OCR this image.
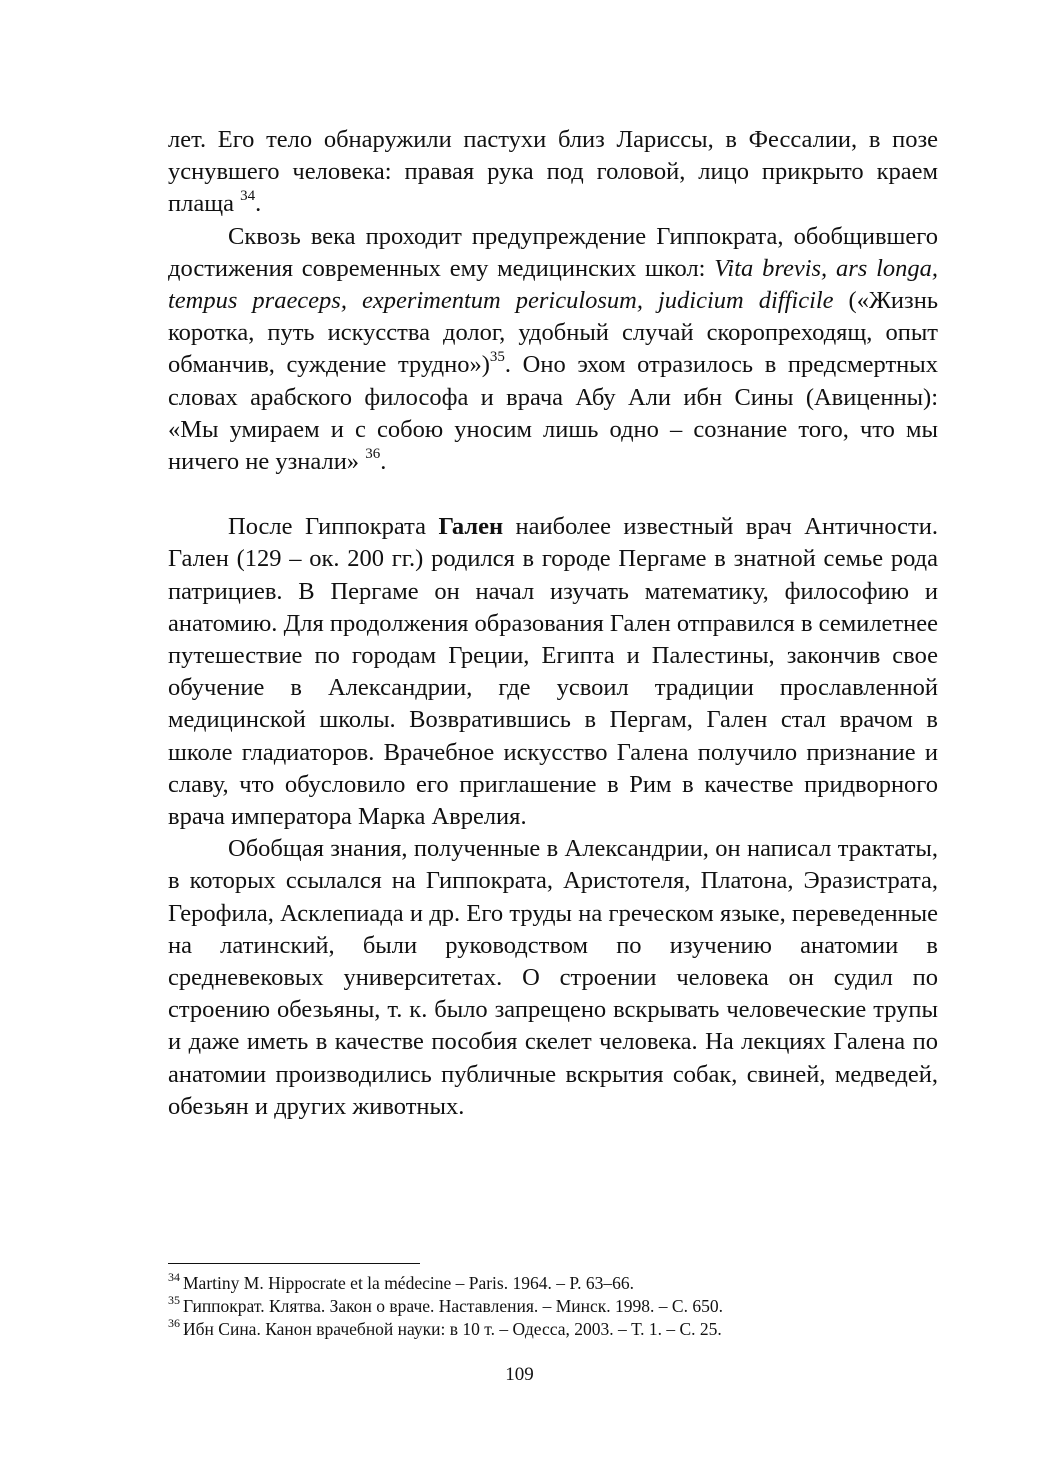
лет. Его тело обнаружили пастухи близ Лариссы, в Фессалии, в позе уснувшего человека: правая рука под головой, лицо прикрыто краем плаща $^{34}$.

Сквозь века проходит предупреждение Гиппократа, обобщившего достижения современных ему медицинских школ: Vita brevis, ars longa, tempus praeceps, experimentum periculosum, judicium difficile («Жизнь коротка, путь искусства долог, удобный случай скоропреходящ, опыт обманчив, суждение трудно»)$^{35}$. Оно эхом отразилось в предсмертных словах арабского философа и врача Абу Али ибн Сины (Авиценны): «Мы умираем и с собою уносим лишь одно – сознание того, что мы ничего не узнали» $^{36}$.

После Гиппократа Гален наиболее известный врач Античности. Гален (129 – ок. 200 гг.) родился в городе Пергаме в знатной семье рода патрициев. В Пергаме он начал изучать математику, философию и анатомию. Для продолжения образования Гален отправился в семилетнее путешествие по городам Греции, Египта и Палестины, закончив свое обучение в Александрии, где усвоил традиции прославленной медицинской школы. Возвратившись в Пергам, Гален стал врачом в школе гладиаторов. Врачебное искусство Галена получило признание и славу, что обусловило его приглашение в Рим в качестве придворного врача императора Марка Аврелия.

Обобщая знания, полученные в Александрии, он написал трактаты, в которых ссылался на Гиппократа, Аристотеля, Платона, Эразистрата, Герофила, Асклепиада и др. Его труды на греческом языке, переведенные на латинский, были руководством по изучению анатомии в средневековых университетах. О строении человека он судил по строению обезьяны, т. к. было запрещено вскрывать человеческие трупы и даже иметь в качестве пособия скелет человека. На лекциях Галена по анатомии производились публичные вскрытия собак, свиней, медведей, обезьян и других животных.

$^{34}$ Martiny M. Hippocrate et la médecine – Paris. 1964. – P. 63–66.

$^{35}$ Гиппократ. Клятва. Закон о враче. Наставления. – Минск. 1998. – С. 650.

$^{36}$ Ибн Сина. Канон врачебной науки: в 10 т. – Одесса, 2003. – Т. 1. – С. 25.

109
